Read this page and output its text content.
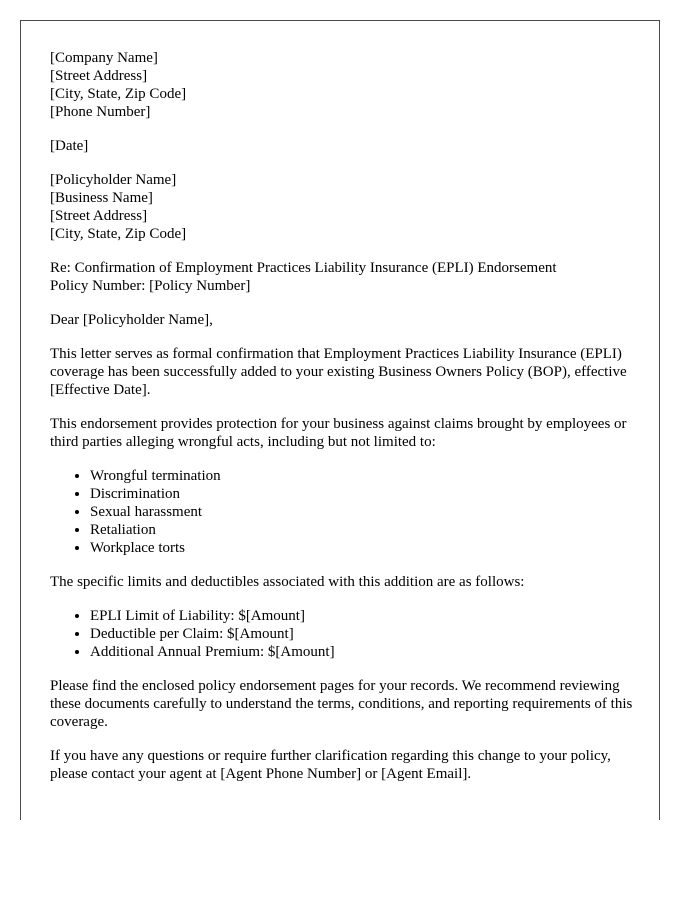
[Company Name]
[Street Address]
[City, State, Zip Code]
[Phone Number]
[Date]
[Policyholder Name]
[Business Name]
[Street Address]
[City, State, Zip Code]
Re: Confirmation of Employment Practices Liability Insurance (EPLI) Endorsement
Policy Number: [Policy Number]

Dear [Policyholder Name],

This letter serves as formal confirmation that Employment Practices Liability Insurance (EPLI) coverage has been successfully added to your existing Business Owners Policy (BOP), effective [Effective Date].

This endorsement provides protection for your business against claims brought by employees or third parties alleging wrongful acts, including but not limited to:

• Wrongful termination
• Discrimination
• Sexual harassment
• Retaliation
• Workplace torts

The specific limits and deductibles associated with this addition are as follows:

• EPLI Limit of Liability: $[Amount]
• Deductible per Claim: $[Amount]
• Additional Annual Premium: $[Amount]

Please find the enclosed policy endorsement pages for your records. We recommend reviewing these documents carefully to understand the terms, conditions, and reporting requirements of this coverage.

If you have any questions or require further clarification regarding this change to your policy, please contact your agent at [Agent Phone Number] or [Agent Email].
